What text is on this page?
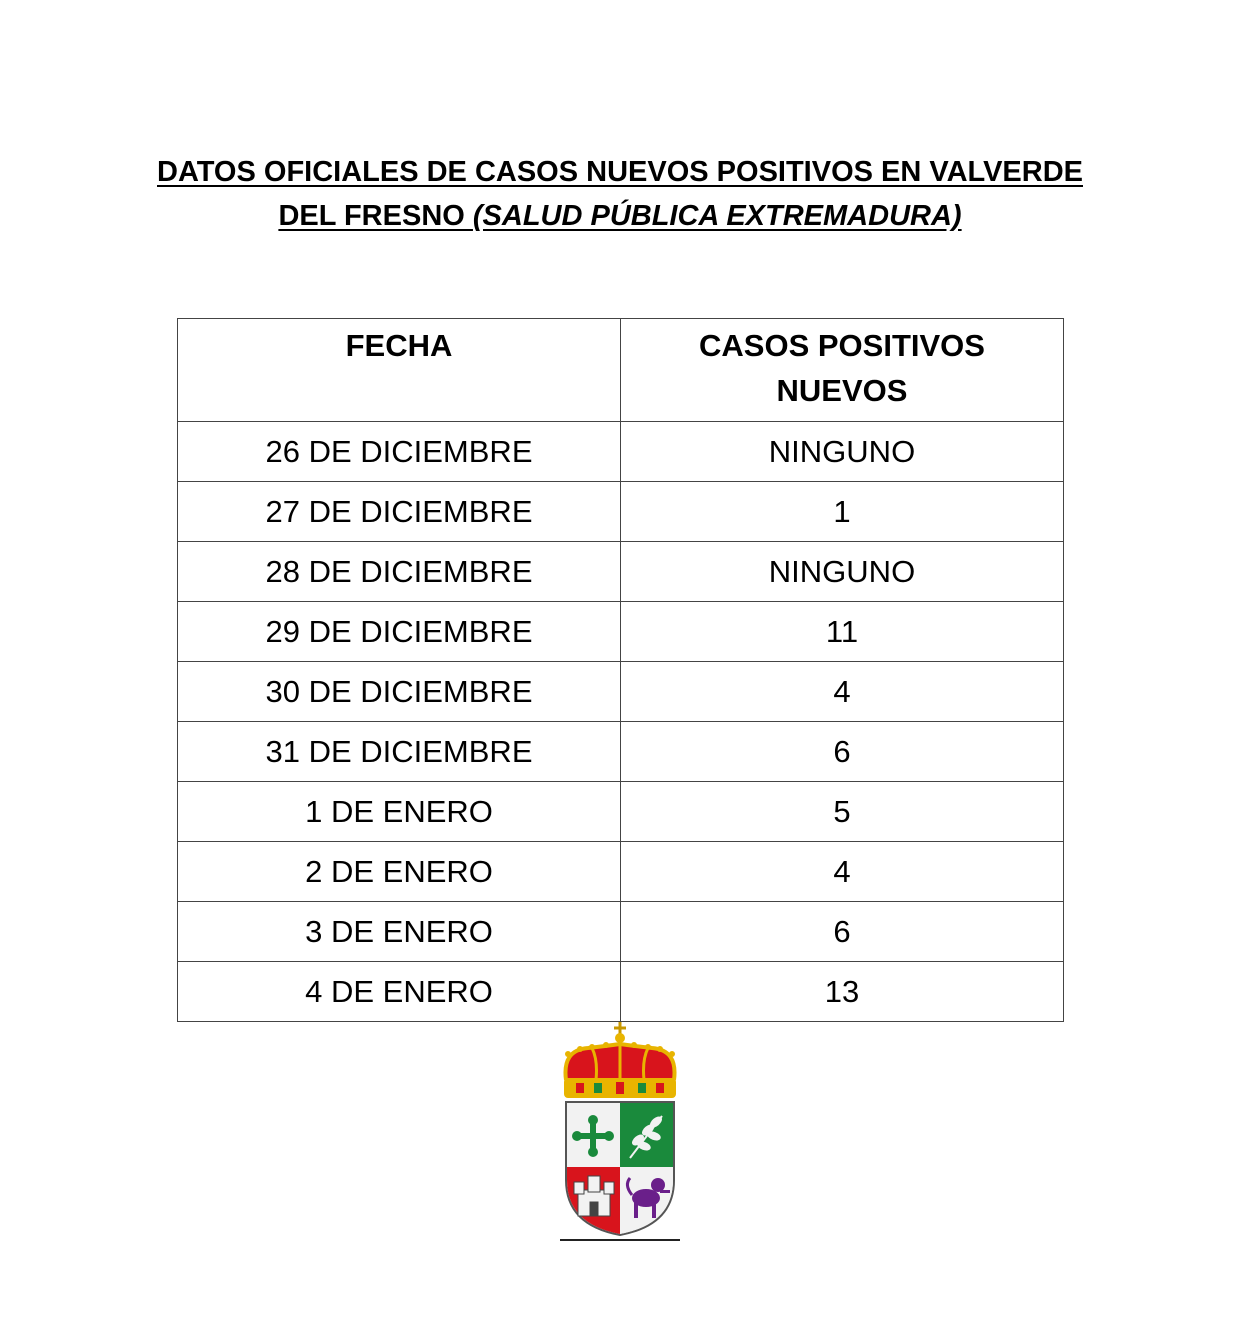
DATOS OFICIALES DE CASOS NUEVOS POSITIVOS EN VALVERDE
DEL FRESNO (SALUD PÚBLICA EXTREMADURA)
FECHA	CASOS POSITIVOS NUEVOS
26 DE DICIEMBRE	NINGUNO
27 DE DICIEMBRE	1
28 DE DICIEMBRE	NINGUNO
29 DE DICIEMBRE	11
30 DE DICIEMBRE	4
31 DE DICIEMBRE	6
1 DE ENERO	5
2 DE ENERO	4
3 DE ENERO	6
4 DE ENERO	13
